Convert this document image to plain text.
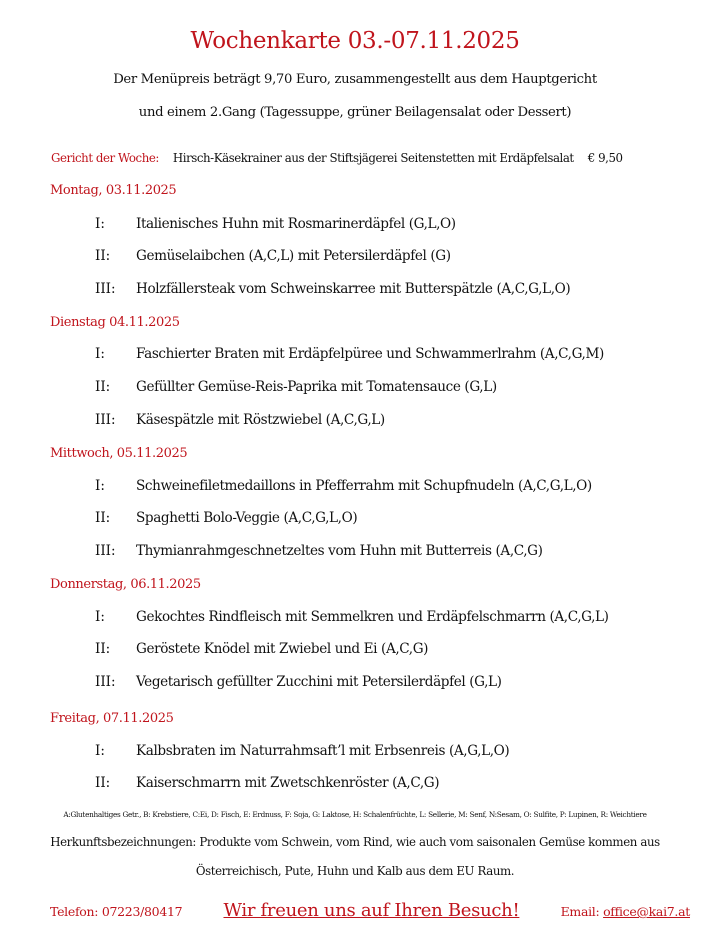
Wochenkarte 03.-07.11.2025
Der Menüpreis beträgt 9,70 Euro, zusammengestellt aus dem Hauptgericht
und einem 2.Gang (Tagessuppe, grüner Beilagensalat oder Dessert)
Gericht der Woche: Hirsch-Käsekrainer aus der Stiftsjägerei Seitenstetten mit Erdäpfelsalat € 9,50
Montag, 03.11.2025
I: Italienisches Huhn mit Rosmarinerdäpfel (G,L,O)
II: Gemüselaibchen (A,C,L) mit Petersilerdäpfel (G)
III: Holzfällersteak vom Schweinskarree mit Butterspätzle (A,C,G,L,O)
Dienstag 04.11.2025
I: Faschierter Braten mit Erdäpfelpüree und Schwammerlrahm (A,C,G,M)
II: Gefüllter Gemüse-Reis-Paprika mit Tomatensauce (G,L)
III: Käsespätzle mit Röstzwiebel (A,C,G,L)
Mittwoch, 05.11.2025
I: Schweinefiletmedaillons in Pfefferrahm mit Schupfnudeln (A,C,G,L,O)
II: Spaghetti Bolo-Veggie (A,C,G,L,O)
III: Thymianrahmgeschnetzeltes vom Huhn mit Butterreis (A,C,G)
Donnerstag, 06.11.2025
I: Gekochtes Rindfleisch mit Semmelkren und Erdäpfelschmarrn (A,C,G,L)
II: Geröstete Knödel mit Zwiebel und Ei (A,C,G)
III: Vegetarisch gefüllter Zucchini mit Petersilerdäpfel (G,L)
Freitag, 07.11.2025
I: Kalbsbraten im Naturrahmsaft’l mit Erbsenreis (A,G,L,O)
II: Kaiserschmarrn mit Zwetschkenröster (A,C,G)
A:Glutenhaltiges Getr., B: Krebstiere, C:Ei, D: Fisch, E: Erdnuss, F: Soja, G: Laktose, H: Schalenfrüchte, L: Sellerie, M: Senf, N:Sesam, O: Sulfite, P: Lupinen, R: Weichtiere
Herkunftsbezeichnungen: Produkte vom Schwein, vom Rind, wie auch vom saisonalen Gemüse kommen aus
Österreichisch, Pute, Huhn und Kalb aus dem EU Raum.
Telefon: 07223/80417 Wir freuen uns auf Ihren Besuch!	Email: office@kai7.at
